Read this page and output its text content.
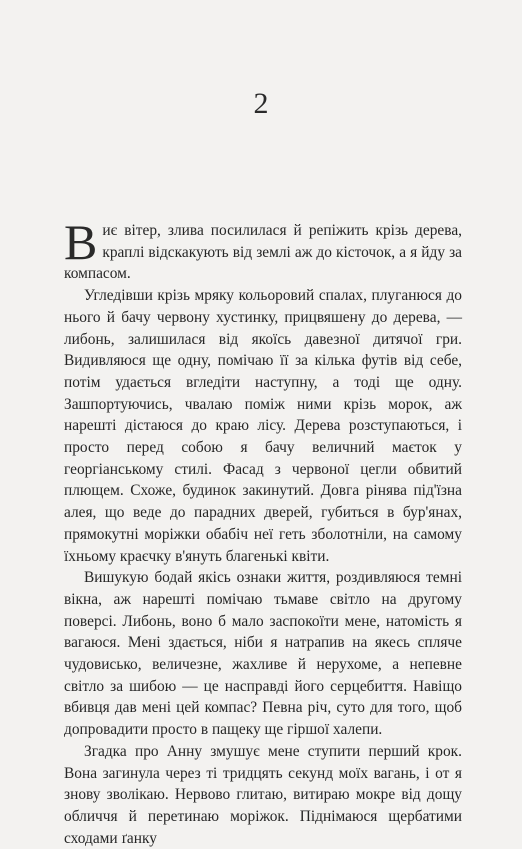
2

Виє вітер, злива посилилася й репіжить крізь дерева, краплі відскакують від землі аж до кісточок, а я йду за компасом.

Угледівши крізь мряку кольоровий спалах, плуганюся до нього й бачу червону хустинку, прицвяшену до дерева, — либонь, залишилася від якоїсь давезної дитячої гри. Видивляюся ще одну, помічаю її за кілька футів від себе, потім удається вгледіти наступну, а тоді ще одну. Зашпортуючись, чвалаю поміж ними крізь морок, аж нарешті дістаюся до краю лісу. Дерева розступаються, і просто перед собою я бачу величний маєток у георгіанському стилі. Фасад з червоної цегли обвитий плющем. Схоже, будинок закинутий. Довга рінява під'їзна алея, що веде до парадних дверей, губиться в бур'янах, прямокутні моріжки обабіч неї геть зболотніли, на самому їхньому краєчку в'януть благенькі квіти.

Вишукую бодай якісь ознаки життя, роздивляюся темні вікна, аж нарешті помічаю тьмаве світло на другому поверсі. Либонь, воно б мало заспокоїти мене, натомість я вагаюся. Мені здається, ніби я натрапив на якесь спляче чудовисько, величезне, жахливе й нерухоме, а непевне світло за шибою — це насправді його серцебиття. Навіщо вбивця дав мені цей компас? Певна річ, суто для того, щоб допровадити просто в пащеку ще гіршої халепи.

Згадка про Анну змушує мене ступити перший крок. Вона загинула через ті тридцять секунд моїх вагань, і от я знову зволікаю. Нервово глитаю, витираю мокре від дощу обличчя й перетинаю моріжок. Піднімаюся щербатими сходами ґанку
